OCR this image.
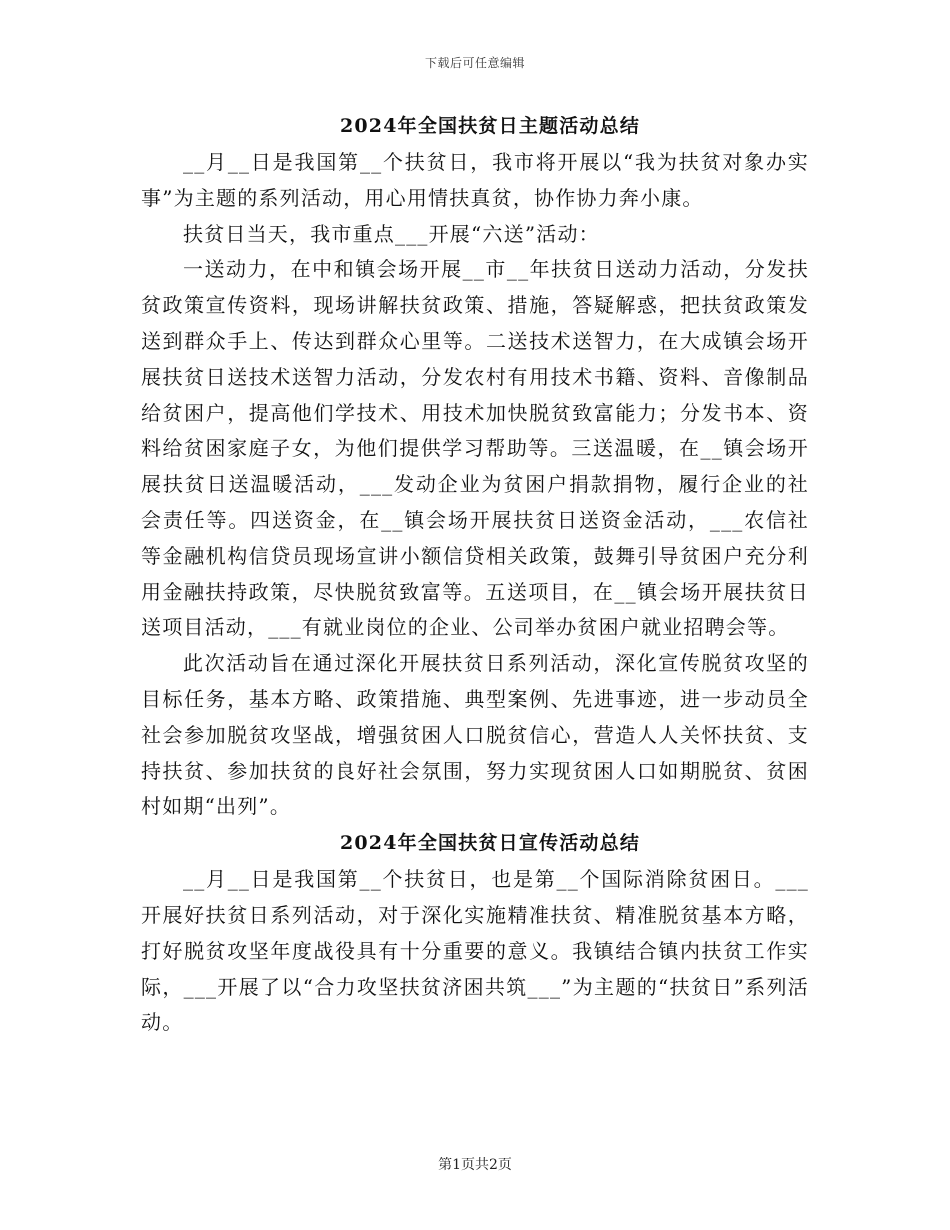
下载后可任意编辑
2024年全国扶贫日主题活动总结

__月__日是我国第__个扶贫日，我市将开展以“我为扶贫对象办实事”为主题的系列活动，用心用情扶真贫，协作协力奔小康。

扶贫日当天，我市重点___开展“六送”活动：

一送动力，在中和镇会场开展__市__年扶贫日送动力活动，分发扶贫政策宣传资料，现场讲解扶贫政策、措施，答疑解惑，把扶贫政策发送到群众手上、传达到群众心里等。二送技术送智力，在大成镇会场开展扶贫日送技术送智力活动，分发农村有用技术书籍、资料、音像制品给贫困户，提高他们学技术、用技术加快脱贫致富能力；分发书本、资料给贫困家庭子女，为他们提供学习帮助等。三送温暖，在__镇会场开展扶贫日送温暖活动，___发动企业为贫困户捐款捐物，履行企业的社会责任等。四送资金，在__镇会场开展扶贫日送资金活动，___农信社等金融机构信贷员现场宣讲小额信贷相关政策，鼓舞引导贫困户充分利用金融扶持政策，尽快脱贫致富等。五送项目，在__镇会场开展扶贫日送项目活动，___有就业岗位的企业、公司举办贫困户就业招聘会等。

此次活动旨在通过深化开展扶贫日系列活动，深化宣传脱贫攻坚的目标任务，基本方略、政策措施、典型案例、先进事迹，进一步动员全社会参加脱贫攻坚战，增强贫困人口脱贫信心，营造人人关怀扶贫、支持扶贫、参加扶贫的良好社会氛围，努力实现贫困人口如期脱贫、贫困村如期“出列”。

2024年全国扶贫日宣传活动总结

__月__日是我国第__个扶贫日，也是第__个国际消除贫困日。___开展好扶贫日系列活动，对于深化实施精准扶贫、精准脱贫基本方略，打好脱贫攻坚年度战役具有十分重要的意义。我镇结合镇内扶贫工作实际，___开展了以“合力攻坚扶贫济困共筑___”为主题的“扶贫日”系列活动。

第1页共2页
